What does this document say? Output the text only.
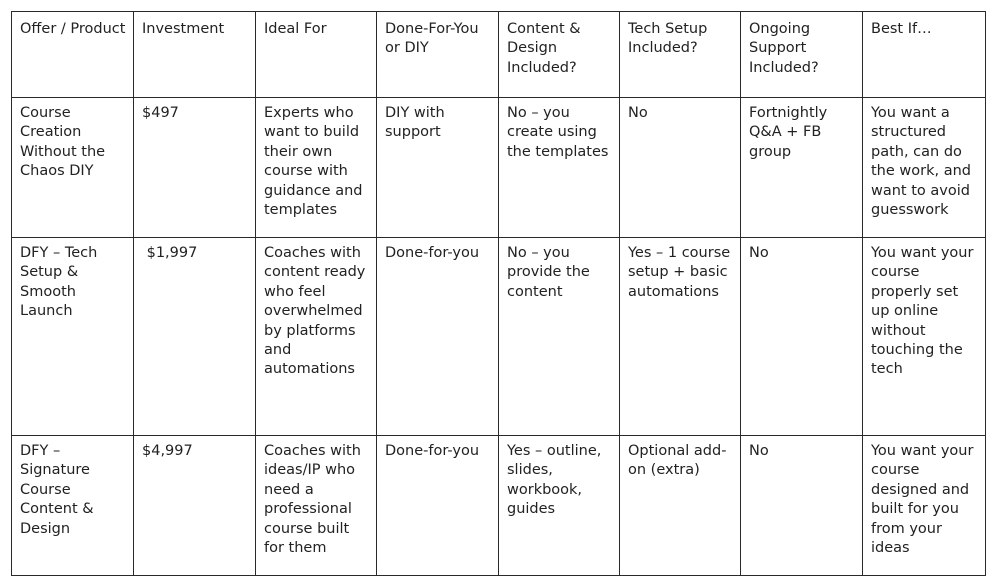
Offer / Product	Investment	Ideal For	Done-For-You or DIY	Content & Design Included?	Tech Setup Included?	Ongoing Support Included?	Best If…
Course Creation Without the Chaos DIY	$497	Experts who want to build their own course with guidance and templates	DIY with support	No – you create using the templates	No	Fortnightly Q&A + FB group	You want a structured path, can do the work, and want to avoid guesswork
DFY – Tech Setup & Smooth Launch	$1,997	Coaches with content ready who feel overwhelmed by platforms and automations	Done-for-you	No – you provide the content	Yes – 1 course setup + basic automations	No	You want your course properly set up online without touching the tech
DFY – Signature Course Content & Design	$4,997	Coaches with ideas/IP who need a professional course built for them	Done-for-you	Yes – outline, slides, workbook, guides	Optional add-on (extra)	No	You want your course designed and built for you from your ideas
